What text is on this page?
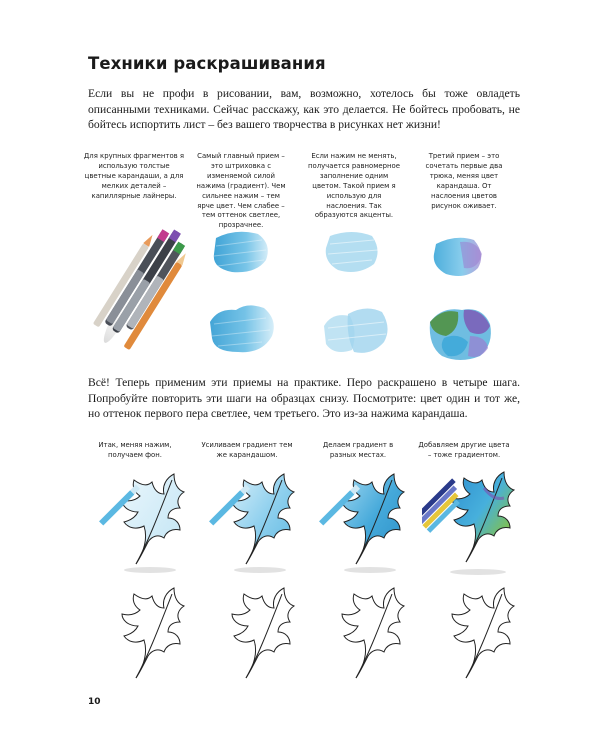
Техники раскрашивания
Если вы не профи в рисовании, вам, возможно, хотелось бы тоже овладеть описанными техниками. Сейчас расскажу, как это делается. Не бойтесь пробовать, не бойтесь испортить лист – без вашего творчества в рисунках нет жизни!
Для крупных фрагментов я использую толстые цветные карандаши, а для мелких деталей – капиллярные лайнеры.
Самый главный прием – это штриховка с изменяемой силой нажима (градиент). Чем сильнее нажим – тем ярче цвет. Чем слабее – тем оттенок светлее, прозрачнее.
Если нажим не менять, получается равномерное заполнение одним цветом. Такой прием я использую для наслоения. Так образуются акценты.
Третий прием – это сочетать первые два трюка, меняя цвет карандаша. От наслоения цветов рисунок оживает.
Всё! Теперь применим эти приемы на практике. Перо раскрашено в четыре шага. Попробуйте повторить эти шаги на образцах снизу. Посмотрите: цвет один и тот же, но оттенок первого пера светлее, чем третьего. Это из-за нажима карандаша.
Итак, меняя нажим, получаем фон.
Усиливаем градиент тем же карандашом.
Делаем градиент в разных местах.
Добавляем другие цвета – тоже градиентом.
10
